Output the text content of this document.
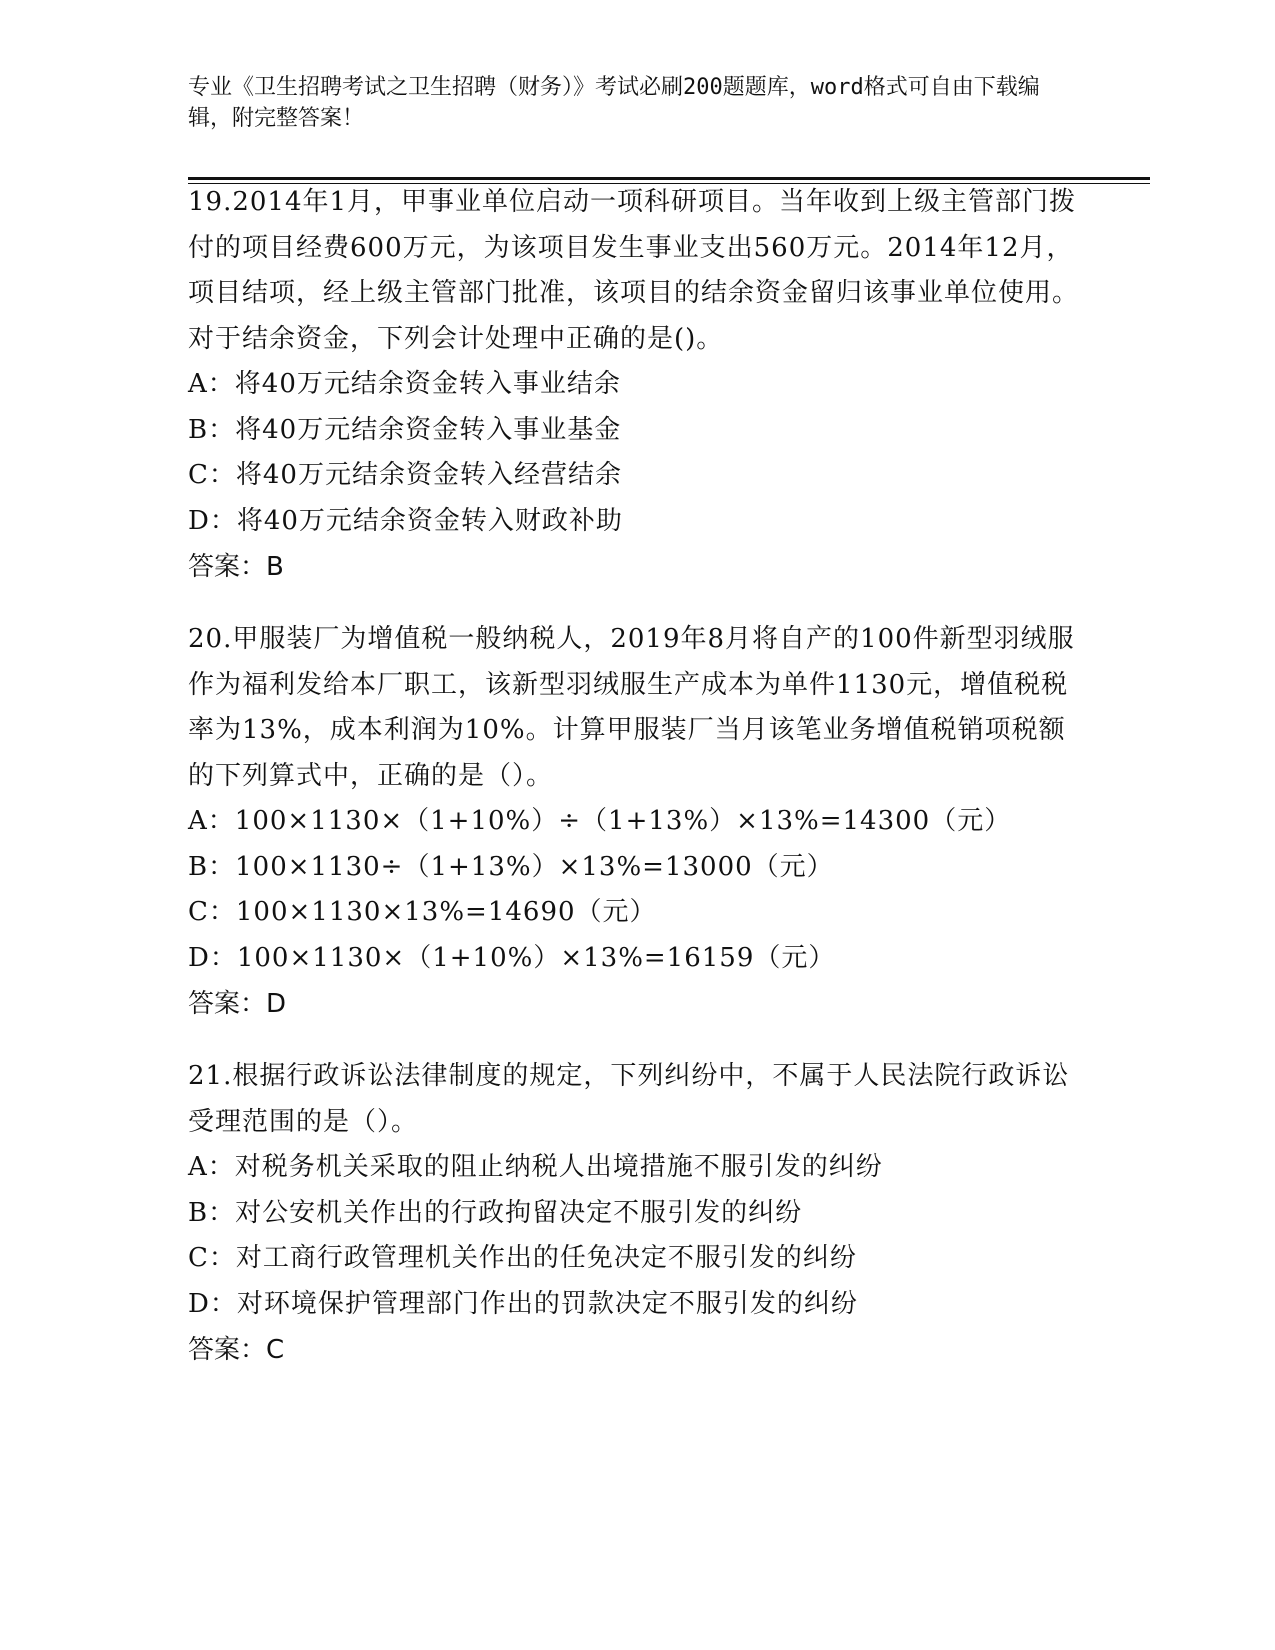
专业《卫生招聘考试之卫生招聘（财务）》考试必刷200题题库，word格式可自由下载编辑，附完整答案！

19.2014年1月，甲事业单位启动一项科研项目。当年收到上级主管部门拨付的项目经费600万元，为该项目发生事业支出560万元。2014年12月，项目结项，经上级主管部门批准，该项目的结余资金留归该事业单位使用。对于结余资金，下列会计处理中正确的是()。

A：将40万元结余资金转入事业结余

B：将40万元结余资金转入事业基金

C：将40万元结余资金转入经营结余

D：将40万元结余资金转入财政补助

答案：B

20.甲服装厂为增值税一般纳税人，2019年8月将自产的100件新型羽绒服作为福利发给本厂职工，该新型羽绒服生产成本为单件1130元，增值税税率为13%，成本利润为10%。计算甲服装厂当月该笔业务增值税销项税额的下列算式中，正确的是（）。

A：100×1130×（1+10%）÷（1+13%）×13%=14300（元）

B：100×1130÷（1+13%）×13%=13000（元）

C：100×1130×13%=14690（元）

D：100×1130×（1+10%）×13%=16159（元）

答案：D

21.根据行政诉讼法律制度的规定，下列纠纷中，不属于人民法院行政诉讼受理范围的是（）。

A：对税务机关采取的阻止纳税人出境措施不服引发的纠纷

B：对公安机关作出的行政拘留决定不服引发的纠纷

C：对工商行政管理机关作出的任免决定不服引发的纠纷

D：对环境保护管理部门作出的罚款决定不服引发的纠纷

答案：C
